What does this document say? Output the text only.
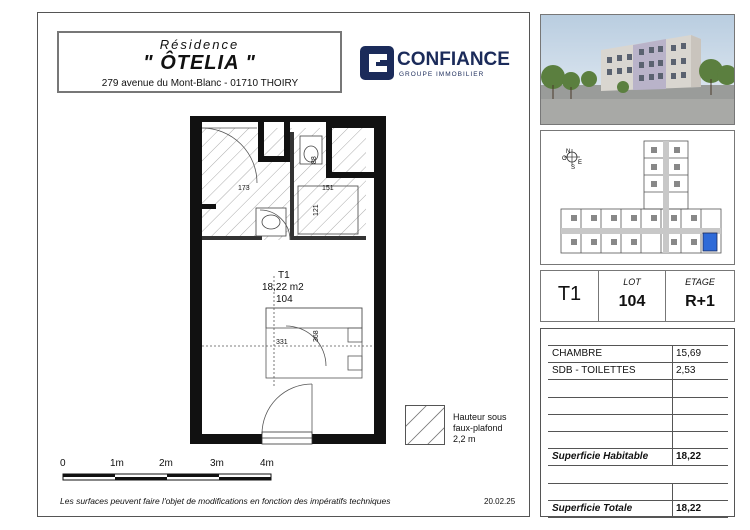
Résidence
" ÔTELIA "
279 avenue du Mont-Blanc - 01710 THOIRY
CONFIANCE
GROUPE IMMOBILIER
N
O
E
S
T1
LOT
104
ETAGE
R+1
CHAMBRE	15,69
SDB - TOILETTES	2,53
Superficie Habitable	18,22
Superficie Totale	18,22
T1
18,22 m2
104
173	151
121
88
331
368
Hauteur sous
faux-plafond
2,2 m
0	1m	2m	3m	4m
Les surfaces peuvent faire l'objet de modifications en fonction des impératifs techniques	20.02.25
